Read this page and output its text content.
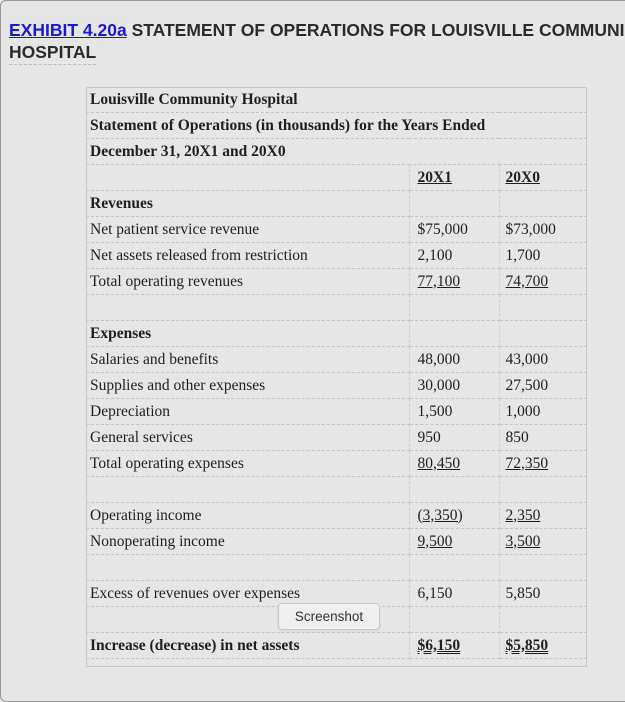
EXHIBIT 4.20a STATEMENT OF OPERATIONS FOR LOUISVILLE COMMUNI
HOSPITAL
Louisville Community Hospital		
Statement of Operations (in thousands) for the Years Ended		
December 31, 20X1 and 20X0		
	20X1	20X0
Revenues		
Net patient service revenue	$75,000	$73,000
Net assets released from restriction	2,100	1,700
Total operating revenues	77,100	74,700

Expenses		
Salaries and benefits	48,000	43,000
Supplies and other expenses	30,000	27,500
Depreciation	1,500	1,000
General services	950	850
Total operating expenses	80,450	72,350

Operating income	(3,350)	2,350
Nonoperating income	9,500	3,500

Excess of revenues over expenses	6,150	5,850

Increase (decrease) in net assets	$6,150	$5,850
Screenshot
